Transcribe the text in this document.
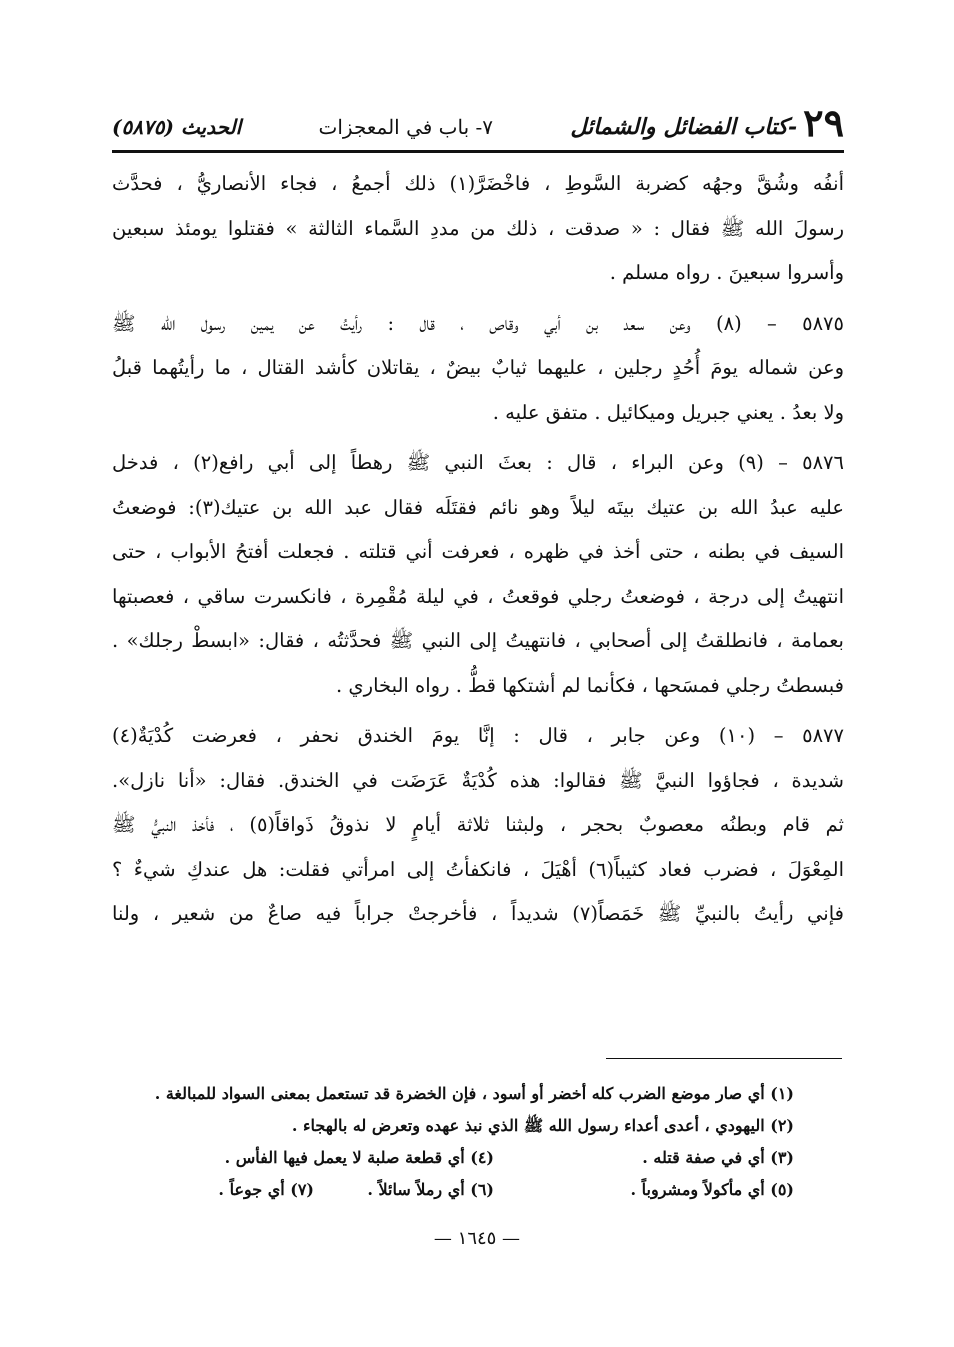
٢٩
-كتاب الفضائل والشمائل
٧- باب في المعجزات
الحديث (٥٨٧٥)

أنفُه وشُقَّ وجهُه كضربة السَّوطِ ، فاخْضَرَّ(١) ذلك أجمعُ ، فجاء الأنصاريُّ ، فحدَّث
رسولَ الله ﷺ فقال : « صدقت ، ذلك من مددِ السَّماء الثالثة » فقتلوا يومئذ سبعين
وأسروا سبعينَ . رواه مسلم .

٥٨٧٥ – (٨) وعن سعد بن أبي وقاص ، قال : رأيتُ عن يمين رسول الله ﷺ
وعن شماله يومَ أُحُدٍ رجلين ، عليهما ثيابٌ بيضٌ ، يقاتلان كأشد القتال ، ما رأيتُهما قبلُ
ولا بعدُ . يعني جبريل وميكائيل . متفق عليه .

٥٨٧٦ – (٩) وعن البراء ، قال : بعثَ النبي ﷺ رهطاً إلى أبي رافع(٢) ، فدخل
عليه عبدُ الله بن عتيك بيتَه ليلاً وهو نائم فقتَلَه فقال عبد الله بن عتيك(٣): فوضعتُ
السيف في بطنه ، حتى أخذ في ظهره ، فعرفت أني قتلته . فجعلت أفتحُ الأبواب ، حتى
انتهيتُ إلى درجة ، فوضعتُ رجلي فوقعتُ ، في ليلة مُقْمِرة ، فانكسرت ساقي ، فعصبتها
بعمامة ، فانطلقتُ إلى أصحابي ، فانتهيتُ إلى النبي ﷺ فحدَّثتُه ، فقال: «ابسطْ رجلك» .
فبسطتُ رجلي فمسَحها ، فكأنما لم أشتكها قطُّ . رواه البخاري .

٥٨٧٧ – (١٠) وعن جابر ، قال : إنَّا يومَ الخندق نحفر ، فعرضت كُدْيَةٌ(٤)
شديدة ، فجاؤوا النبيَّ ﷺ فقالوا: هذه كُدْيَةٌ عَرَضَت في الخندق. فقال: «أنا نازل».
ثم قام وبطنُه معصوبٌ بحجر ، ولبثنا ثلاثة أيامٍ لا نذوقُ ذَواقاً(٥) ، فأخذ النبيُّ ﷺ
المِعْوَلَ ، فضرب فعاد كثيباً(٦) أهْيَلَ ، فانكفأتُ إلى امرأتي فقلت: هل عندكِ شيءٌ ؟
فإني رأيتُ بالنبيِّ ﷺ خَمَصاً(٧) شديداً ، فأخرجتْ جراباً فيه صاعٌ من شعير ، ولنا

(١) أي صار موضع الضرب كله أخضر أو أسود ، فإن الخضرة قد تستعمل بمعنى السواد للمبالغة .
(٢) اليهودي ، أعدى أعداء رسول الله ﷺ الذي نبذ عهده وتعرض له بالهجاء .
(٣) أي في صفة قتله .
(٤) أي قطعة صلبة لا يعمل فيها الفأس .
(٥) أي مأكولاً ومشروباً .
(٦) أي رملاً سائلاً .
(٧) أي جوعاً .
— ١٦٤٥ —
